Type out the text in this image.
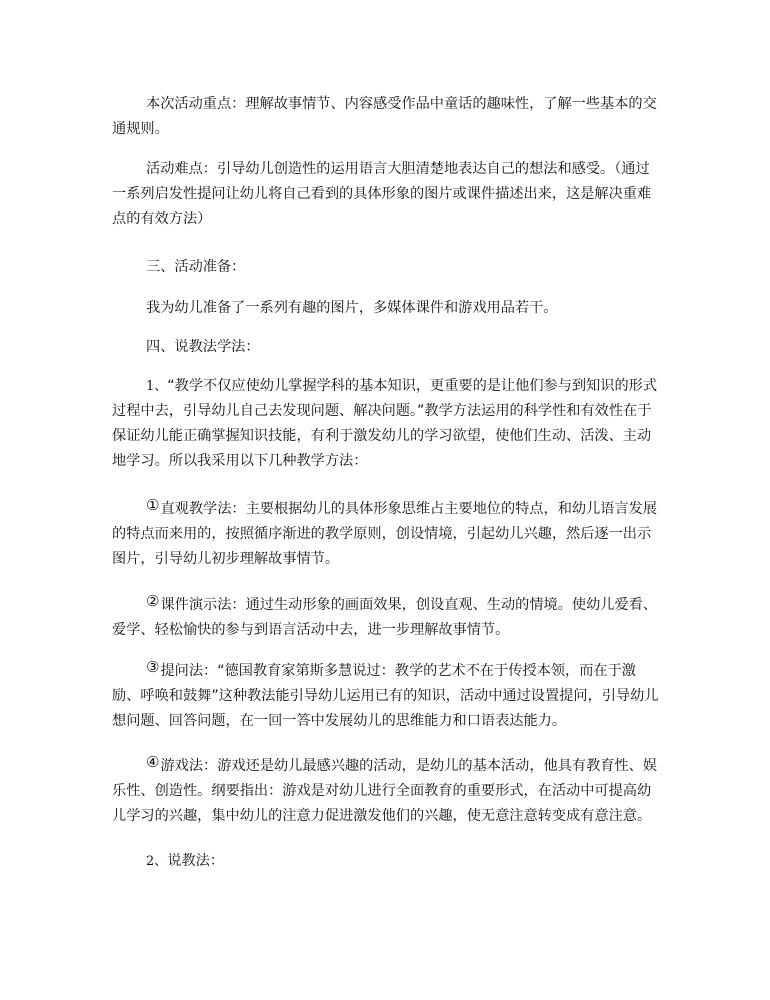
本次活动重点：理解故事情节、内容感受作品中童话的趣味性，了解一些基本的交通规则。

活动难点：引导幼儿创造性的运用语言大胆清楚地表达自己的想法和感受。（通过一系列启发性提问让幼儿将自己看到的具体形象的图片或课件描述出来，这是解决重难点的有效方法）

三、活动准备：

我为幼儿准备了一系列有趣的图片，多媒体课件和游戏用品若干。

四、说教法学法：

1、“教学不仅应使幼儿掌握学科的基本知识，更重要的是让他们参与到知识的形式过程中去，引导幼儿自己去发现问题、解决问题。”教学方法运用的科学性和有效性在于保证幼儿能正确掌握知识技能，有利于激发幼儿的学习欲望，使他们生动、活泼、主动地学习。所以我采用以下几种教学方法：

①直观教学法：主要根据幼儿的具体形象思维占主要地位的特点，和幼儿语言发展的特点而来用的，按照循序渐进的教学原则，创设情境，引起幼儿兴趣，然后逐一出示图片，引导幼儿初步理解故事情节。

②课件演示法：通过生动形象的画面效果，创设直观、生动的情境。使幼儿爱看、爱学、轻松愉快的参与到语言活动中去，进一步理解故事情节。

③提问法：“德国教育家第斯多慧说过：教学的艺术不在于传授本领，而在于激励、呼唤和鼓舞”这种教法能引导幼儿运用已有的知识，活动中通过设置提问，引导幼儿想问题、回答问题，在一回一答中发展幼儿的思维能力和口语表达能力。

④游戏法：游戏还是幼儿最感兴趣的活动，是幼儿的基本活动，他具有教育性、娱乐性、创造性。纲要指出：游戏是对幼儿进行全面教育的重要形式，在活动中可提高幼儿学习的兴趣，集中幼儿的注意力促进激发他们的兴趣，使无意注意转变成有意注意。

2、说教法：
